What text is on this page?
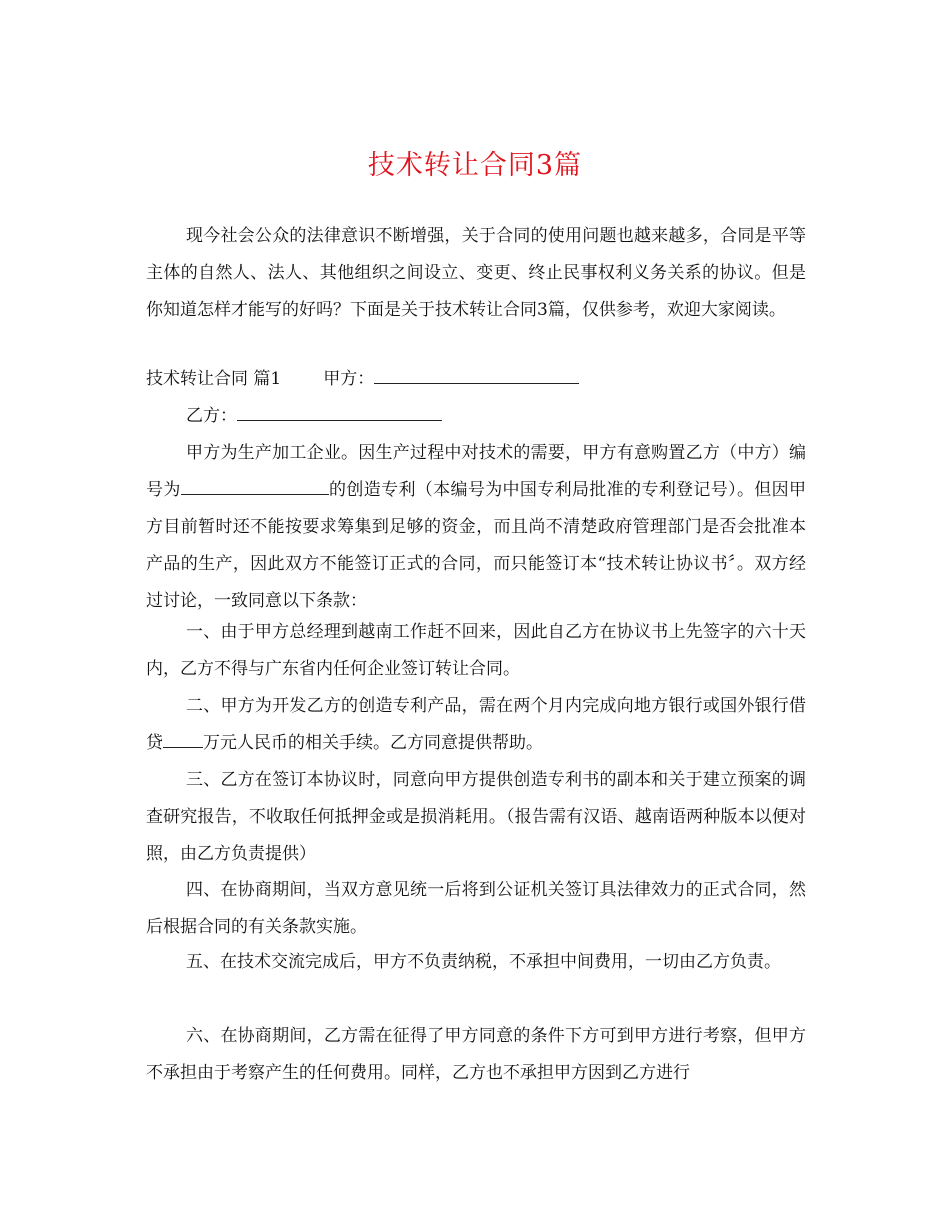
技术转让合同3篇

现今社会公众的法律意识不断增强，关于合同的使用问题也越来越多，合同是平等主体的自然人、法人、其他组织之间设立、变更、终止民事权利义务关系的协议。但是你知道怎样才能写的好吗？下面是关于技术转让合同3篇，仅供参考，欢迎大家阅读。

技术转让合同 篇1 甲方：
乙方：

甲方为生产加工企业。因生产过程中对技术的需要，甲方有意购置乙方（中方）编号为	的创造专利（本编号为中国专利局批准的专利登记号）。但因甲方目前暂时还不能按要求筹集到足够的资金，而且尚不清楚政府管理部门是否会批准本产品的生产，因此双方不能签订正式的合同，而只能签订本“技术转让协议书〞。双方经过讨论，一致同意以下条款：

一、由于甲方总经理到越南工作赶不回来，因此自乙方在协议书上先签字的六十天内，乙方不得与广东省内任何企业签订转让合同。

二、甲方为开发乙方的创造专利产品，需在两个月内完成向地方银行或国外银行借贷 万元人民币的相关手续。乙方同意提供帮助。

三、乙方在签订本协议时，同意向甲方提供创造专利书的副本和关于建立预案的调查研究报告，不收取任何抵押金或是损消耗用。（报告需有汉语、越南语两种版本以便对照，由乙方负责提供）

四、在协商期间，当双方意见统一后将到公证机关签订具法律效力的正式合同，然后根据合同的有关条款实施。

五、在技术交流完成后，甲方不负责纳税，不承担中间费用，一切由乙方负责。

六、在协商期间，乙方需在征得了甲方同意的条件下方可到甲方进行考察，但甲方不承担由于考察产生的任何费用。同样，乙方也不承担甲方因到乙方进行
